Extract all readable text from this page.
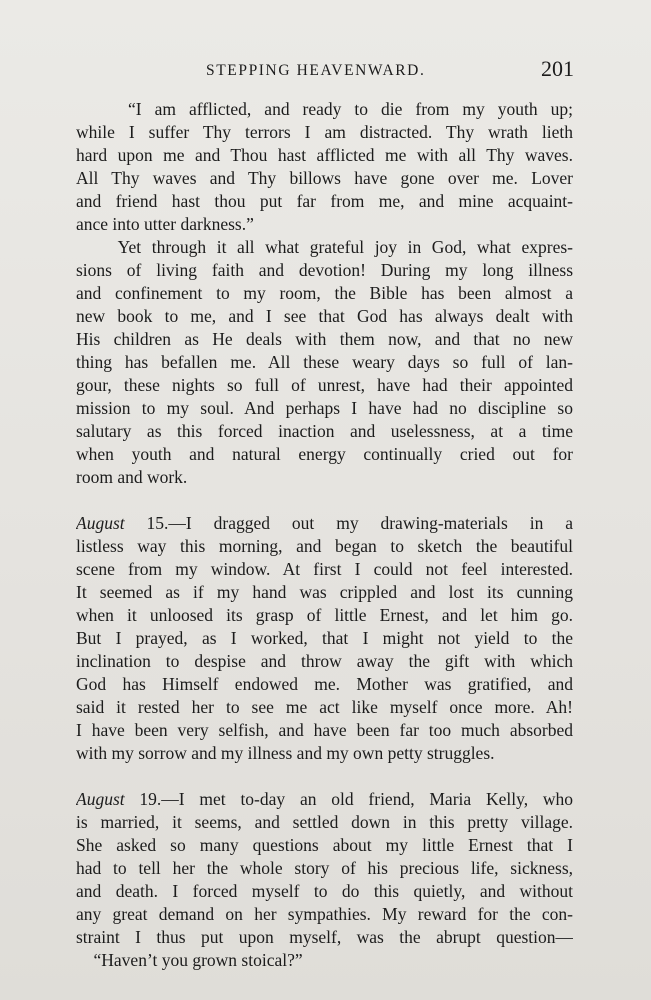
STEPPING HEAVENWARD.	201
“I am afflicted, and ready to die from my youth up;
while I suffer Thy terrors I am distracted. Thy wrath lieth
hard upon me and Thou hast afflicted me with all Thy waves.
All Thy waves and Thy billows have gone over me. Lover
and friend hast thou put far from me, and mine acquaint-
ance into utter darkness.”
Yet through it all what grateful joy in God, what expres-
sions of living faith and devotion! During my long illness
and confinement to my room, the Bible has been almost a
new book to me, and I see that God has always dealt with
His children as He deals with them now, and that no new
thing has befallen me. All these weary days so full of lan-
gour, these nights so full of unrest, have had their appointed
mission to my soul. And perhaps I have had no discipline so
salutary as this forced inaction and uselessness, at a time
when youth and natural energy continually cried out for
room and work.
August 15.—I dragged out my drawing-materials in a
listless way this morning, and began to sketch the beautiful
scene from my window. At first I could not feel interested.
It seemed as if my hand was crippled and lost its cunning
when it unloosed its grasp of little Ernest, and let him go.
But I prayed, as I worked, that I might not yield to the
inclination to despise and throw away the gift with which
God has Himself endowed me. Mother was gratified, and
said it rested her to see me act like myself once more. Ah!
I have been very selfish, and have been far too much absorbed
with my sorrow and my illness and my own petty struggles.
August 19.—I met to-day an old friend, Maria Kelly, who
is married, it seems, and settled down in this pretty village.
She asked so many questions about my little Ernest that I
had to tell her the whole story of his precious life, sickness,
and death. I forced myself to do this quietly, and without
any great demand on her sympathies. My reward for the con-
straint I thus put upon myself, was the abrupt question—
“Haven’t you grown stoical?”
